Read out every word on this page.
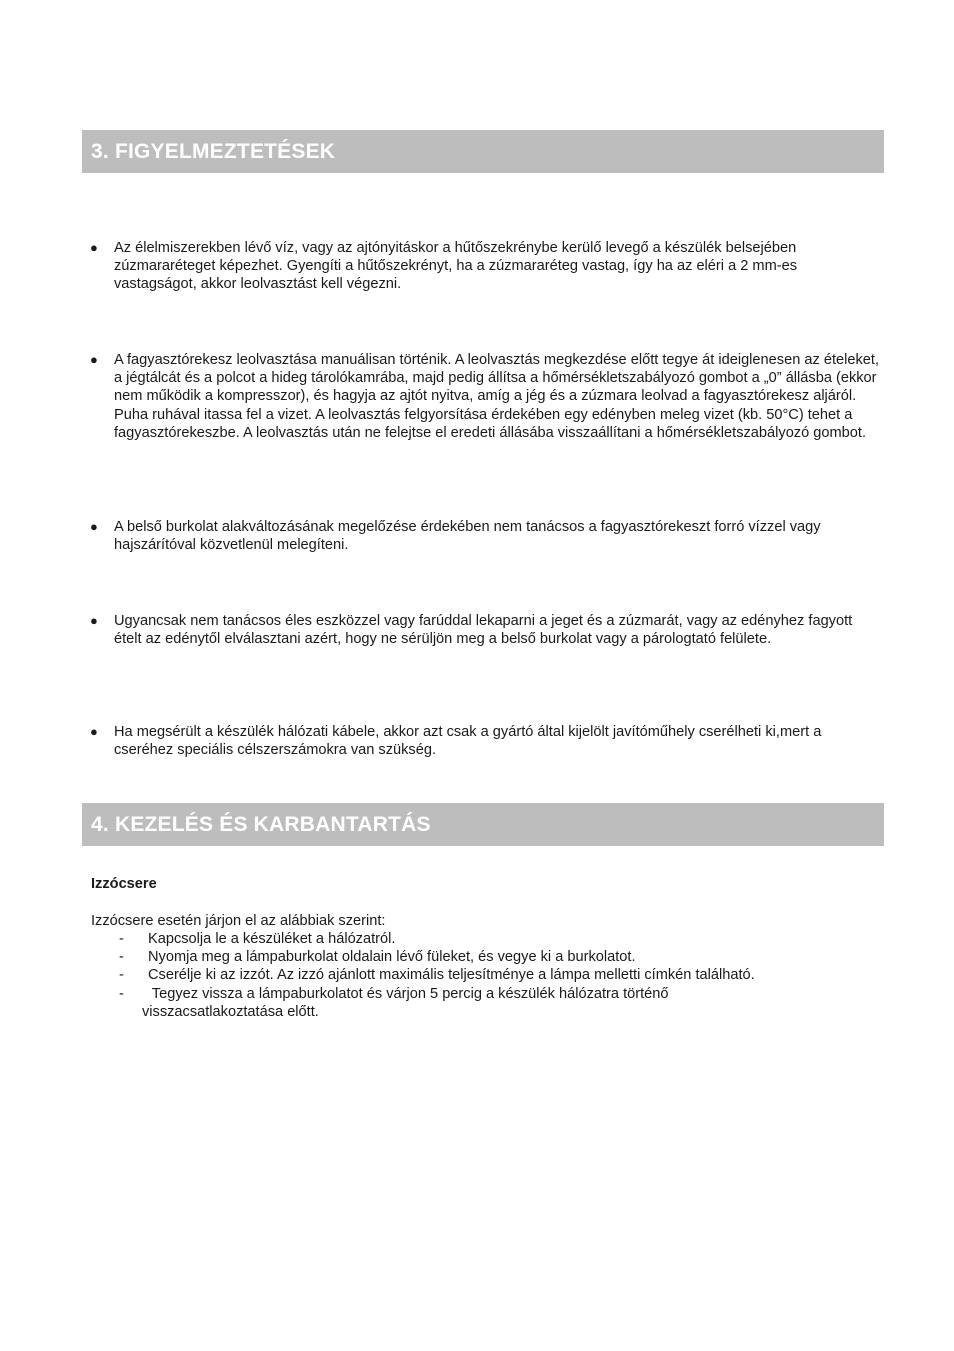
3. FIGYELMEZTETÉSEK
● Az élelmiszerekben lévő víz, vagy az ajtónyitáskor a hűtőszekrénybe kerülő levegő a készülék belsejében zúzmararéteget képezhet. Gyengíti a hűtőszekrényt, ha a zúzmararéteg vastag, így ha az eléri a 2 mm-es vastagságot, akkor leolvasztást kell végezni.
● A fagyasztórekesz leolvasztása manuálisan történik. A leolvasztás megkezdése előtt tegye át ideiglenesen az ételeket, a jégtálcát és a polcot a hideg tárolókamrába, majd pedig állítsa a hőmérsékletszabályozó gombot a „0” állásba (ekkor nem működik a kompresszor), és hagyja az ajtót nyitva, amíg a jég és a zúzmara leolvad a fagyasztórekesz aljáról. Puha ruhával itassa fel a vizet. A leolvasztás felgyorsítása érdekében egy edényben meleg vizet (kb. 50°C) tehet a fagyasztórekeszbe. A leolvasztás után ne felejtse el eredeti állásába visszaállítani a hőmérsékletszabályozó gombot.
● A belső burkolat alakváltozásának megelőzése érdekében nem tanácsos a fagyasztórekeszt forró vízzel vagy hajszárítóval közvetlenül melegíteni.
● Ugyancsak nem tanácsos éles eszközzel vagy farúddal lekaparni a jeget és a zúzmarát, vagy az edényhez fagyott ételt az edénytől elválasztani azért, hogy ne sérüljön meg a belső burkolat vagy a párologtató felülete.
● Ha megsérült a készülék hálózati kábele, akkor azt csak a gyártó által kijelölt javítóműhely cserélheti ki,mert a cseréhez speciális célszerszámokra van szükség.
4. KEZELÉS ÉS KARBANTARTÁS
Izzócsere
Izzócsere esetén járjon el az alábbiak szerint:
- Kapcsolja le a készüléket a hálózatról.
- Nyomja meg a lámpaburkolat oldalain lévő füleket, és vegye ki a burkolatot.
- Cserélje ki az izzót. Az izzó ajánlott maximális teljesítménye a lámpa melletti címkén található.
- Tegyez vissza a lámpaburkolatot és várjon 5 percig a készülék hálózatra történő
visszacsatlakoztatása előtt.
